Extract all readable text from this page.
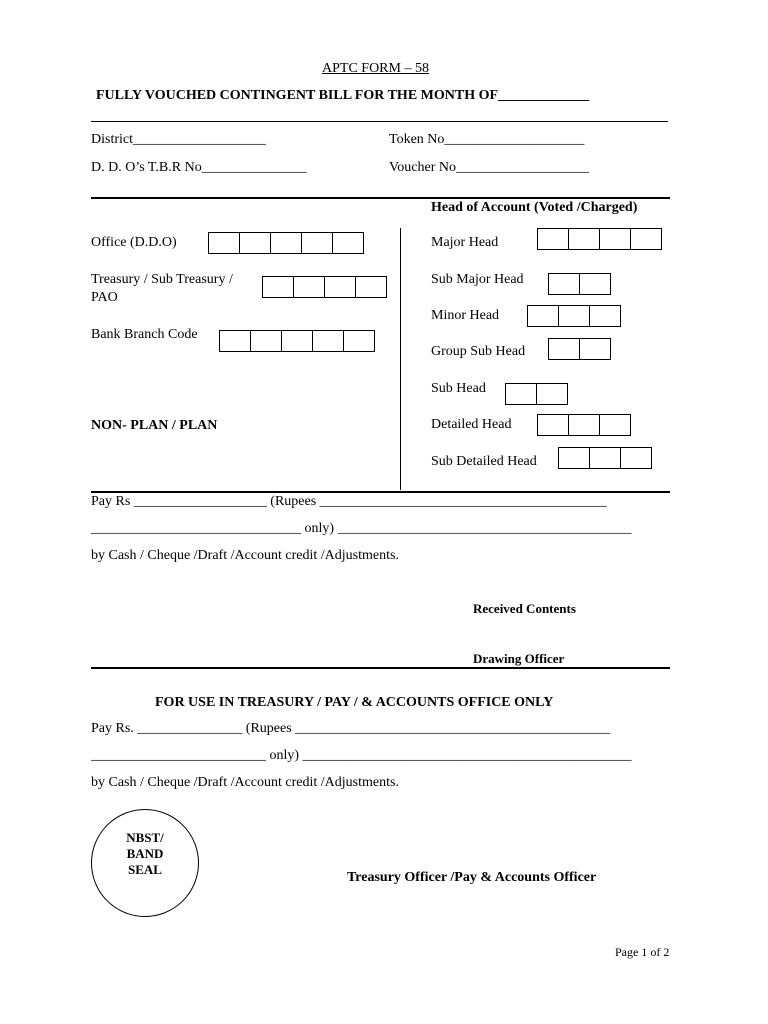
APTC FORM – 58
FULLY VOUCHED CONTINGENT BILL FOR THE MONTH OF_____________
District___________________	Token No____________________
D. D. O’s T.B.R No_______________	Voucher No___________________
Office (D.D.O)
Treasury / Sub Treasury /
PAO
Bank Branch Code
NON- PLAN / PLAN
Head of Account (Voted /Charged)
Major Head
Sub Major Head
Minor Head
Group Sub Head
Sub Head
Detailed Head
Sub Detailed Head
Pay Rs ___________________ (Rupees _________________________________________
______________________________ only) __________________________________________
by Cash / Cheque /Draft /Account credit /Adjustments.
Received Contents
Drawing Officer
FOR USE IN TREASURY / PAY / & ACCOUNTS OFFICE ONLY
Pay Rs. _______________ (Rupees _____________________________________________
_________________________ only) _______________________________________________
by Cash / Cheque /Draft /Account credit /Adjustments.
NBST/
BAND
SEAL
Treasury Officer /Pay & Accounts Officer
Page 1 of 2
